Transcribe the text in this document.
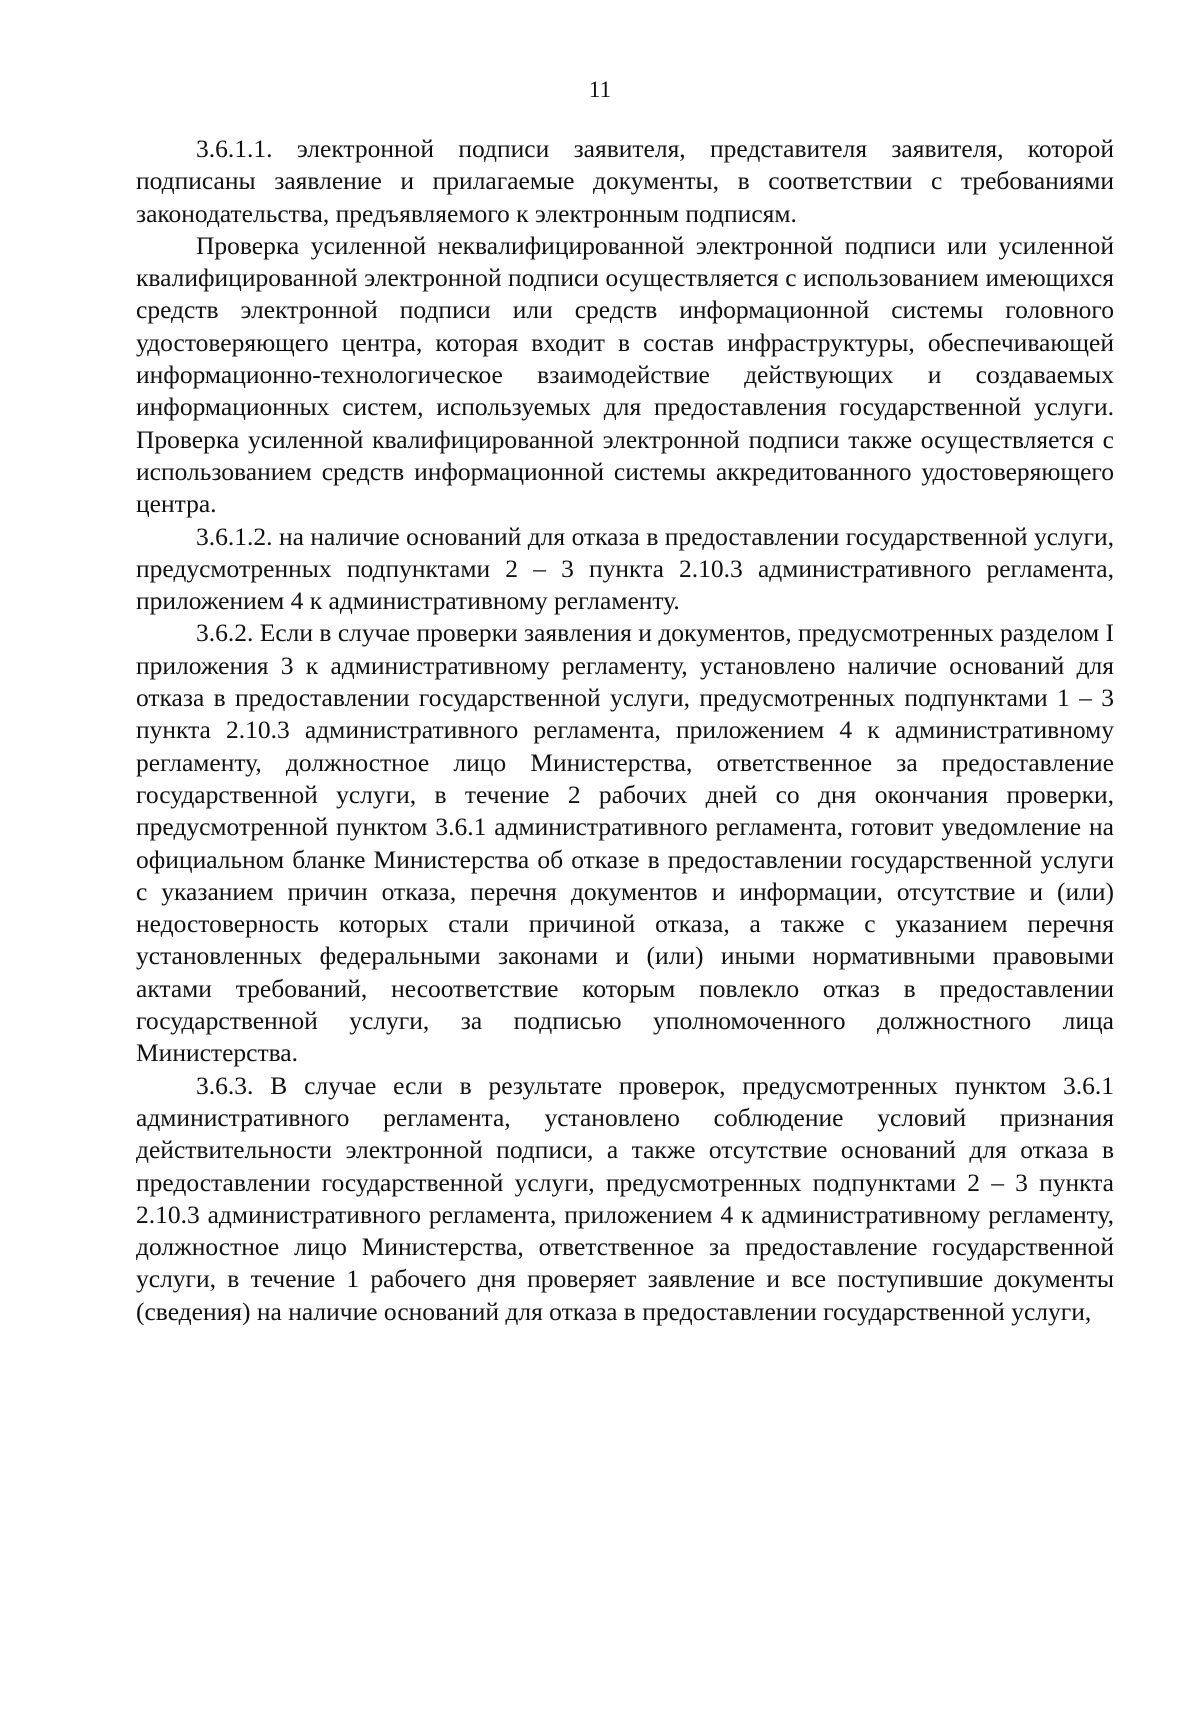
11

3.6.1.1. электронной подписи заявителя, представителя заявителя, которой подписаны заявление и прилагаемые документы, в соответствии с требованиями законодательства, предъявляемого к электронным подписям.

Проверка усиленной неквалифицированной электронной подписи или усиленной квалифицированной электронной подписи осуществляется с использованием имеющихся средств электронной подписи или средств информационной системы головного удостоверяющего центра, которая входит в состав инфраструктуры, обеспечивающей информационно-технологическое взаимодействие действующих и создаваемых информационных систем, используемых для предоставления государственной услуги. Проверка усиленной квалифицированной электронной подписи также осуществляется с использованием средств информационной системы аккредитованного удостоверяющего центра.

3.6.1.2. на наличие оснований для отказа в предоставлении государственной услуги, предусмотренных подпунктами 2 – 3 пункта 2.10.3 административного регламента, приложением 4 к административному регламенту.

3.6.2. Если в случае проверки заявления и документов, предусмотренных разделом I приложения 3 к административному регламенту, установлено наличие оснований для отказа в предоставлении государственной услуги, предусмотренных подпунктами 1 – 3 пункта 2.10.3 административного регламента, приложением 4 к административному регламенту, должностное лицо Министерства, ответственное за предоставление государственной услуги, в течение 2 рабочих дней со дня окончания проверки, предусмотренной пунктом 3.6.1 административного регламента, готовит уведомление на официальном бланке Министерства об отказе в предоставлении государственной услуги с указанием причин отказа, перечня документов и информации, отсутствие и (или) недостоверность которых стали причиной отказа, а также с указанием перечня установленных федеральными законами и (или) иными нормативными правовыми актами требований, несоответствие которым повлекло отказ в предоставлении государственной услуги, за подписью уполномоченного должностного лица Министерства.

3.6.3. В случае если в результате проверок, предусмотренных пунктом 3.6.1 административного регламента, установлено соблюдение условий признания действительности электронной подписи, а также отсутствие оснований для отказа в предоставлении государственной услуги, предусмотренных подпунктами 2 – 3 пункта 2.10.3 административного регламента, приложением 4 к административному регламенту, должностное лицо Министерства, ответственное за предоставление государственной услуги, в течение 1 рабочего дня проверяет заявление и все поступившие документы (сведения) на наличие оснований для отказа в предоставлении государственной услуги,
